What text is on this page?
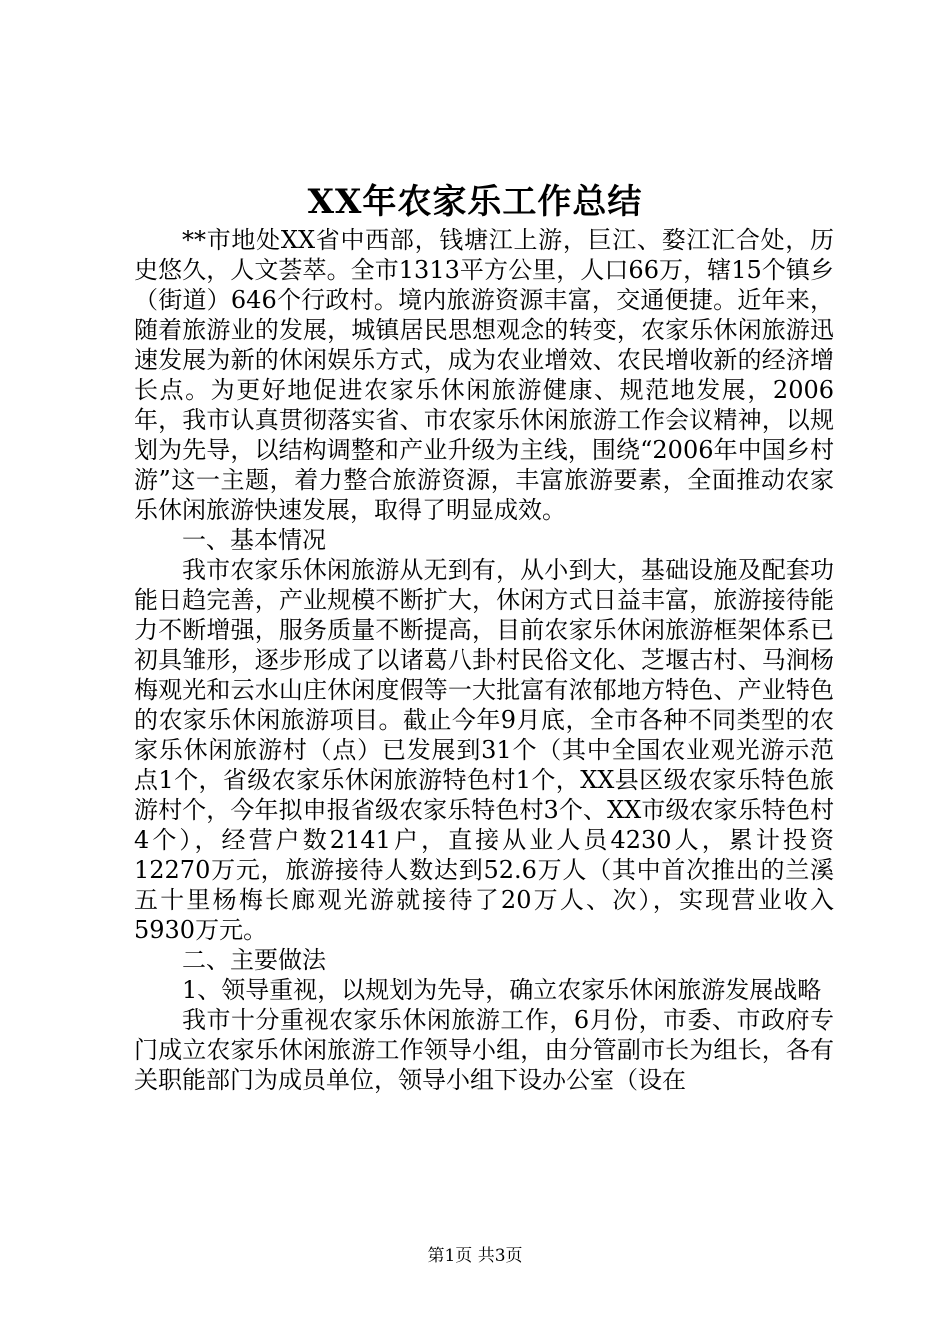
XX年农家乐工作总结

**市地处XX省中西部，钱塘江上游，巨江、婺江汇合处，历史悠久，人文荟萃。全市1313平方公里，人口66万，辖15个镇乡（街道）646个行政村。境内旅游资源丰富，交通便捷。近年来，随着旅游业的发展，城镇居民思想观念的转变，农家乐休闲旅游迅速发展为新的休闲娱乐方式，成为农业增效、农民增收新的经济增长点。为更好地促进农家乐休闲旅游健康、规范地发展，2006年，我市认真贯彻落实省、市农家乐休闲旅游工作会议精神，以规划为先导，以结构调整和产业升级为主线，围绕“2006年中国乡村游”这一主题，着力整合旅游资源，丰富旅游要素，全面推动农家乐休闲旅游快速发展，取得了明显成效。

一、基本情况

我市农家乐休闲旅游从无到有，从小到大，基础设施及配套功能日趋完善，产业规模不断扩大，休闲方式日益丰富，旅游接待能力不断增强，服务质量不断提高，目前农家乐休闲旅游框架体系已初具雏形，逐步形成了以诸葛八卦村民俗文化、芝堰古村、马涧杨梅观光和云水山庄休闲度假等一大批富有浓郁地方特色、产业特色的农家乐休闲旅游项目。截止今年9月底，全市各种不同类型的农家乐休闲旅游村（点）已发展到31个（其中全国农业观光游示范点1个，省级农家乐休闲旅游特色村1个，XX县区级农家乐特色旅游村个，今年拟申报省级农家乐特色村3个、XX市级农家乐特色村4个），经营户数2141户，直接从业人员4230人，累计投资12270万元，旅游接待人数达到52.6万人（其中首次推出的兰溪五十里杨梅长廊观光游就接待了20万人、次），实现营业收入5930万元。

二、主要做法

1、领导重视，以规划为先导，确立农家乐休闲旅游发展战略

我市十分重视农家乐休闲旅游工作，6月份，市委、市政府专门成立农家乐休闲旅游工作领导小组，由分管副市长为组长，各有关职能部门为成员单位，领导小组下设办公室（设在

第1页 共3页
